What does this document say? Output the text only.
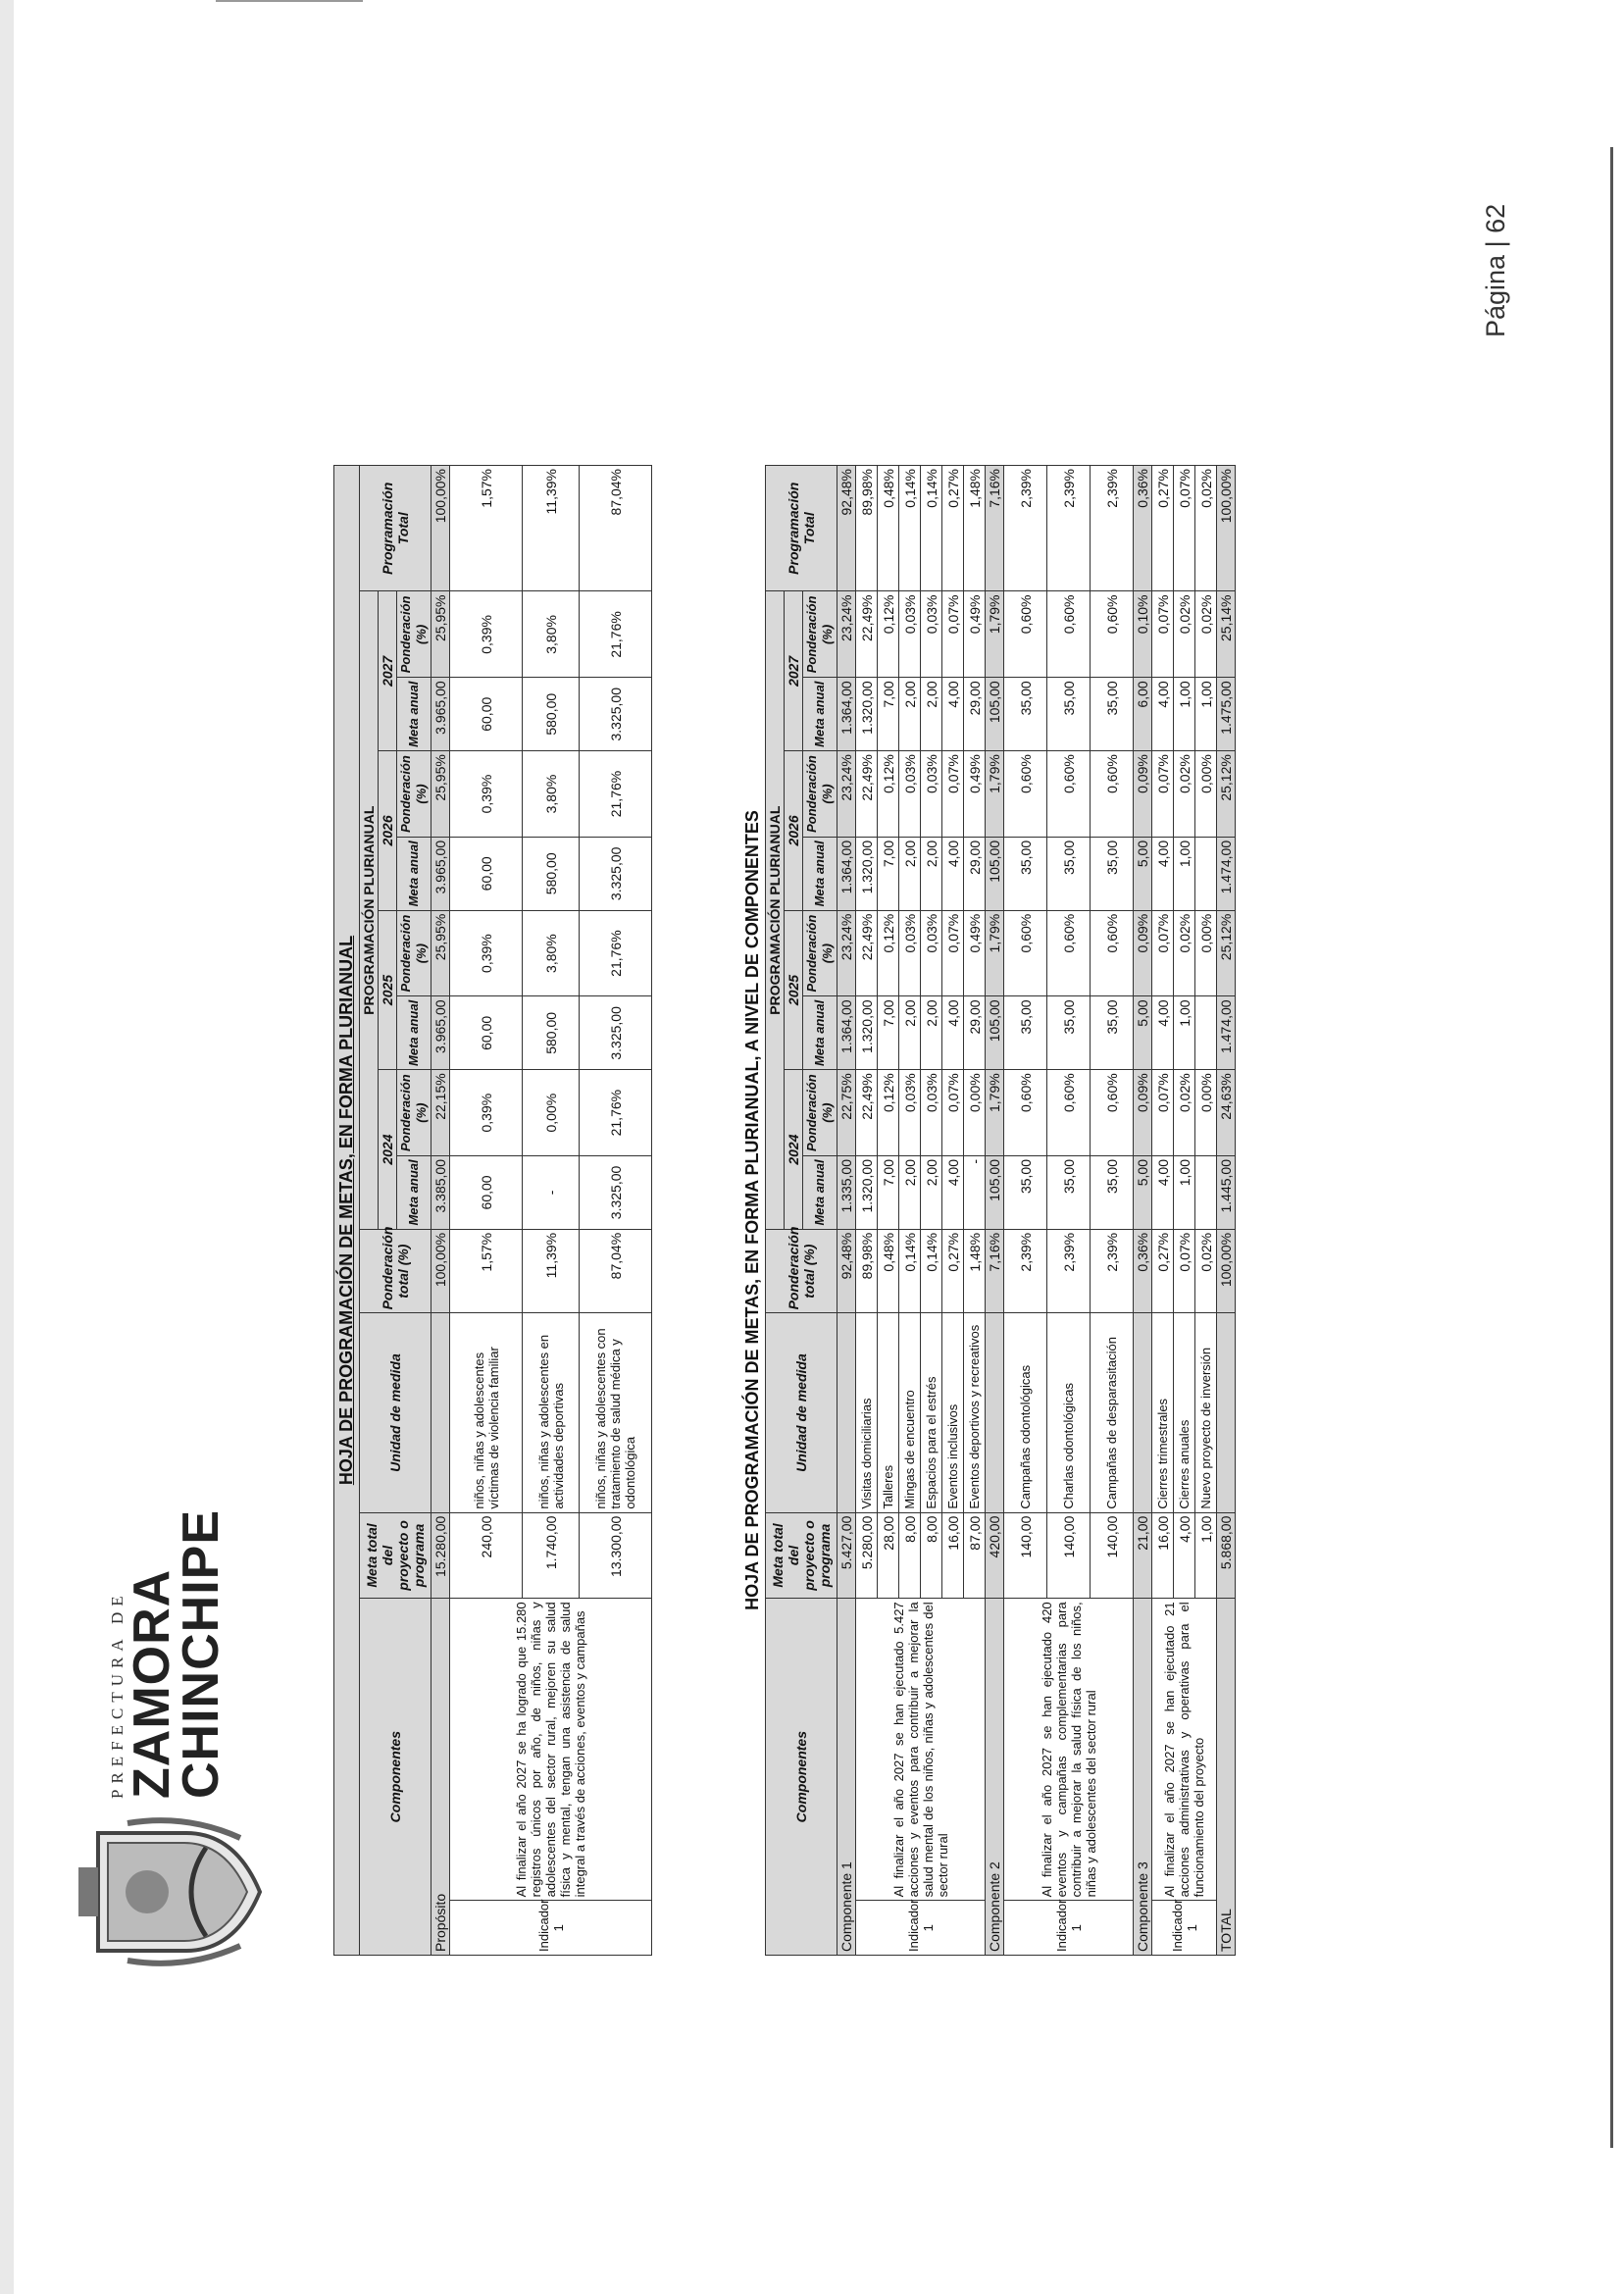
PREFECTURA DE
ZAMORA
CHINCHIPE
HOJA DE PROGRAMACIÓN DE METAS, EN FORMA PLURIANUAL
Componentes		Meta total del proyecto o programa	Unidad de medida	Ponderación total (%)	PROGRAMACIÓN PLURIANUAL								Programación Total
					2024		2025		2026		2027		
					Meta anual	Ponderación (%)	Meta anual	Ponderación (%)	Meta anual	Ponderación (%)	Meta anual	Ponderación (%)	
Propósito		15.280,00		100,00%	3.385,00	22,15%	3.965,00	25,95%	3.965,00	25,95%	3.965,00	25,95%	100,00%
Indicador 1	Al finalizar el año 2027 se ha logrado que 15.280 registros únicos por año, de niños, niñas y adolescentes del sector rural, mejoren su salud física y mental, tengan una asistencia de salud integral a través de acciones, eventos y campañas	240,00	niños, niñas y adolescentes víctimas de violencia familiar	1,57%	60,00	0,39%	60,00	0,39%	60,00	0,39%	60,00	0,39%	1,57%
		1.740,00	niños, niñas y adolescentes en actividades deportivas	11,39%	-	0,00%	580,00	3,80%	580,00	3,80%	580,00	3,80%	11,39%
		13.300,00	niños, niñas y adolescentes con tratamiento de salud médica y odontológica	87,04%	3.325,00	21,76%	3.325,00	21,76%	3.325,00	21,76%	3.325,00	21,76%	87,04%
HOJA DE PROGRAMACIÓN DE METAS, EN FORMA PLURIANUAL, A NIVEL DE COMPONENTES
Componentes		Meta total del proyecto o programa	Unidad de medida	Ponderación total (%)	PROGRAMACIÓN PLURIANUAL								Programación Total
					2024		2025		2026		2027		
					Meta anual	Ponderación (%)	Meta anual	Ponderación (%)	Meta anual	Ponderación (%)	Meta anual	Ponderación (%)	
Componente 1		5.427,00		92,48%	1.335,00	22,75%	1.364,00	23,24%	1.364,00	23,24%	1.364,00	23,24%	92,48%
Indicador 1	Al finalizar el año 2027 se han ejecutado 5.427 acciones y eventos para contribuir a mejorar la salud mental de los niños, niñas y adolescentes del sector rural	5.280,00	Visitas domiciliarias	89,98%	1.320,00	22,49%	1.320,00	22,49%	1.320,00	22,49%	1.320,00	22,49%	89,98%
		28,00	Talleres	0,48%	7,00	0,12%	7,00	0,12%	7,00	0,12%	7,00	0,12%	0,48%
		8,00	Mingas de encuentro	0,14%	2,00	0,03%	2,00	0,03%	2,00	0,03%	2,00	0,03%	0,14%
		8,00	Espacios para el estrés	0,14%	2,00	0,03%	2,00	0,03%	2,00	0,03%	2,00	0,03%	0,14%
		16,00	Eventos inclusivos	0,27%	4,00	0,07%	4,00	0,07%	4,00	0,07%	4,00	0,07%	0,27%
		87,00	Eventos deportivos y recreativos	1,48%	-	0,00%	29,00	0,49%	29,00	0,49%	29,00	0,49%	1,48%
Componente 2		420,00		7,16%	105,00	1,79%	105,00	1,79%	105,00	1,79%	105,00	1,79%	7,16%
Indicador 1	Al finalizar el año 2027 se han ejecutado 420 eventos y campañas complementarias para contribuir a mejorar la salud física de los niños, niñas y adolescentes del sector rural	140,00	Campañas odontológicas	2,39%	35,00	0,60%	35,00	0,60%	35,00	0,60%	35,00	0,60%	2,39%
		140,00	Charlas odontológicas	2,39%	35,00	0,60%	35,00	0,60%	35,00	0,60%	35,00	0,60%	2,39%
		140,00	Campañas de desparasitación	2,39%	35,00	0,60%	35,00	0,60%	35,00	0,60%	35,00	0,60%	2,39%
Componente 3		21,00		0,36%	5,00	0,09%	5,00	0,09%	5,00	0,09%	6,00	0,10%	0,36%
Indicador 1	Al finalizar el año 2027 se han ejecutado 21 acciones administrativas y operativas para el funcionamiento del proyecto	16,00	Cierres trimestrales	0,27%	4,00	0,07%	4,00	0,07%	4,00	0,07%	4,00	0,07%	0,27%
		4,00	Cierres anuales	0,07%	1,00	0,02%	1,00	0,02%	1,00	0,02%	1,00	0,02%	0,07%
		1,00	Nuevo proyecto de inversión	0,02%		0,00%		0,00%		0,00%	1,00	0,02%	0,02%
TOTAL		5.868,00		100,00%	1.445,00	24,63%	1.474,00	25,12%	1.474,00	25,12%	1.475,00	25,14%	100,00%
Página | 62
